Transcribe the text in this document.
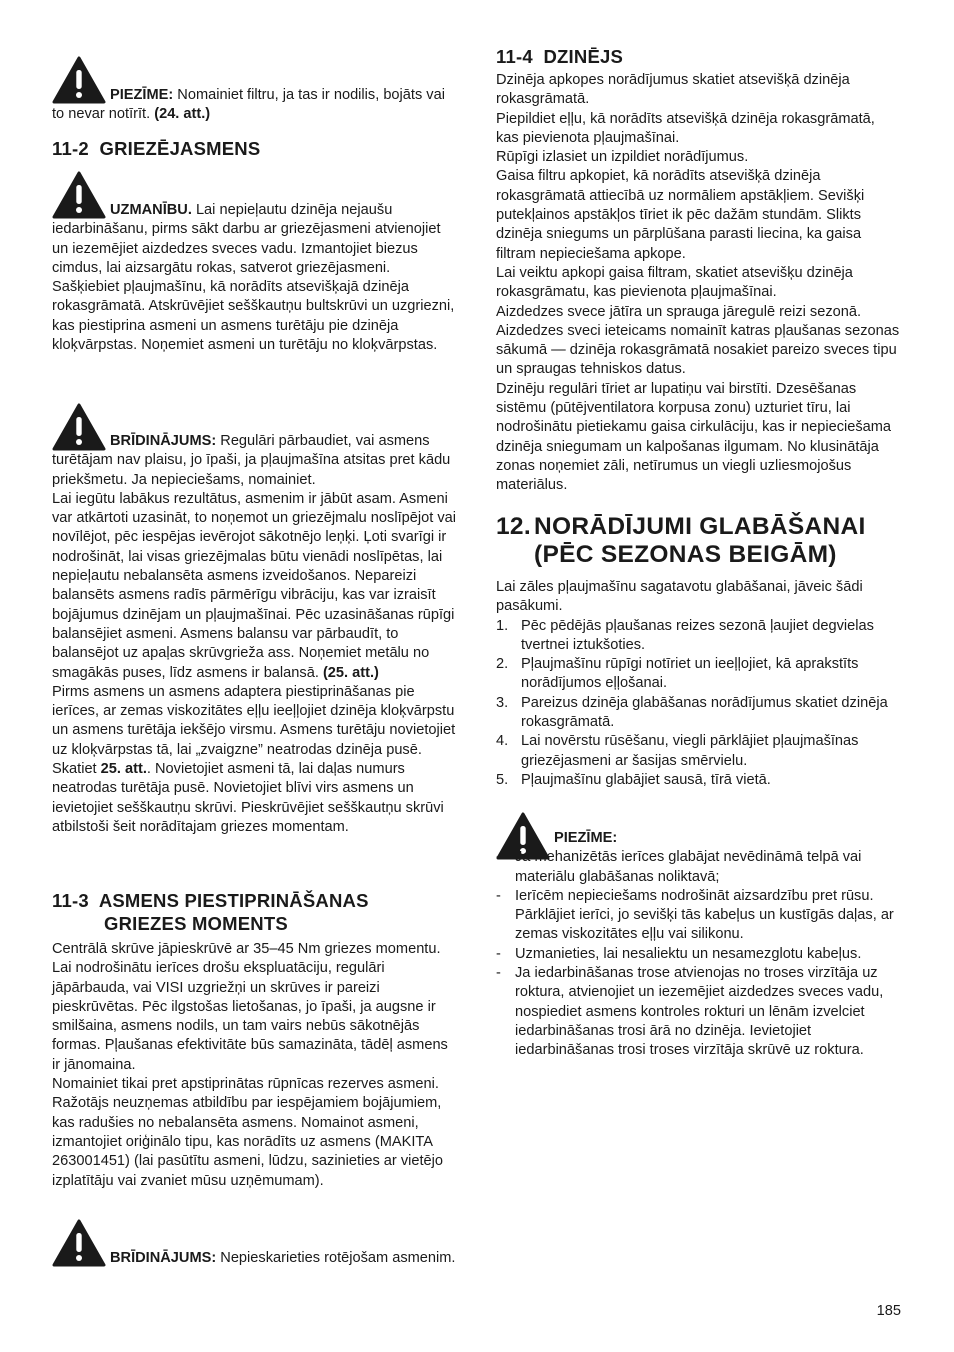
PIEZĪME: Nomainiet filtru, ja tas ir nodilis, bojāts vai to nevar notīrīt. (24. att.)

11-2 GRIEZĒJASMENS

UZMANĪBU. Lai nepieļautu dzinēja nejaušu iedarbināšanu, pirms sākt darbu ar griezējasmeni atvienojiet un iezemējiet aizdedzes sveces vadu. Izmantojiet biezus cimdus, lai aizsargātu rokas, satverot griezējasmeni.

Sašķiebiet pļaujmašīnu, kā norādīts atsevišķajā dzinēja rokasgrāmatā. Atskrūvējiet sešškautņu bultskrūvi un uzgriezni, kas piestiprina asmeni un asmens turētāju pie dzinēja kloķvārpstas. Noņemiet asmeni un turētāju no kloķvārpstas.

BRĪDINĀJUMS: Regulāri pārbaudiet, vai asmens turētājam nav plaisu, jo īpaši, ja pļaujmašīna atsitas pret kādu priekšmetu. Ja nepieciešams, nomainiet.

Lai iegūtu labākus rezultātus, asmenim ir jābūt asam. Asmeni var atkārtoti uzasināt, to noņemot un griezējmalu noslīpējot vai novīlējot, pēc iespējas ievērojot sākotnējo leņķi. Ļoti svarīgi ir nodrošināt, lai visas griezējmalas būtu vienādi noslīpētas, lai nepieļautu nebalansēta asmens izveidošanos. Nepareizi balansēts asmens radīs pārmērīgu vibrāciju, kas var izraisīt bojājumus dzinējam un pļaujmašīnai. Pēc uzasināšanas rūpīgi balansējiet asmeni. Asmens balansu var pārbaudīt, to balansējot uz apaļas skrūvgrieža ass. Noņemiet metālu no smagākās puses, līdz asmens ir balansā. (25. att.)

Pirms asmens un asmens adaptera piestiprināšanas pie ierīces, ar zemas viskozitātes eļļu ieeļļojiet dzinēja kloķvārpstu un asmens turētāja iekšējo virsmu. Asmens turētāju novietojiet uz kloķvārpstas tā, lai „zvaigzne” neatrodas dzinēja pusē. Skatiet 25. att.. Novietojiet asmeni tā, lai daļas numurs neatrodas turētāja pusē. Novietojiet blīvi virs asmens un ievietojiet sešškautņu skrūvi. Pieskrūvējiet sešškautņu skrūvi atbilstoši šeit norādītajam griezes momentam.

11-3 ASMENS PIESTIPRINĀŠANAS
GRIEZES MOMENTS

Centrālā skrūve jāpieskrūvē ar 35–45 Nm griezes momentu. Lai nodrošinātu ierīces drošu ekspluatāciju, regulāri jāpārbauda, vai VISI uzgriežņi un skrūves ir pareizi pieskrūvētas. Pēc ilgstošas lietošanas, jo īpaši, ja augsne ir smilšaina, asmens nodils, un tam vairs nebūs sākotnējās formas. Pļaušanas efektivitāte būs samazināta, tādēļ asmens ir jānomaina.

Nomainiet tikai pret apstiprinātas rūpnīcas rezerves asmeni. Ražotājs neuzņemas atbildību par iespējamiem bojājumiem, kas radušies no nebalansēta asmens. Nomainot asmeni, izmantojiet oriģinālo tipu, kas norādīts uz asmens (MAKITA 263001451) (lai pasūtītu asmeni, lūdzu, sazinieties ar vietējo izplatītāju vai zvaniet mūsu uzņēmumam).

BRĪDINĀJUMS: Nepieskarieties rotējošam asmenim.

11-4 DZINĒJS

Dzinēja apkopes norādījumus skatiet atsevišķā dzinēja rokasgrāmatā.
Piepildiet eļļu, kā norādīts atsevišķā dzinēja rokasgrāmatā, kas pievienota pļaujmašīnai.
Rūpīgi izlasiet un izpildiet norādījumus.
Gaisa filtru apkopiet, kā norādīts atsevišķā dzinēja rokasgrāmatā attiecībā uz normāliem apstākļiem. Sevišķi putekļainos apstākļos tīriet ik pēc dažām stundām. Slikts dzinēja sniegums un pārplūšana parasti liecina, ka gaisa filtram nepieciešama apkope.
Lai veiktu apkopi gaisa filtram, skatiet atsevišķu dzinēja rokasgrāmatu, kas pievienota pļaujmašīnai.
Aizdedzes svece jātīra un sprauga jāregulē reizi sezonā.
Aizdedzes sveci ieteicams nomainīt katras pļaušanas sezonas sākumā — dzinēja rokasgrāmatā nosakiet pareizo sveces tipu un spraugas tehniskos datus.
Dzinēju regulāri tīriet ar lupatiņu vai birstīti. Dzesēšanas sistēmu (pūtējventilatora korpusa zonu) uzturiet tīru, lai nodrošinātu pietiekamu gaisa cirkulāciju, kas ir nepieciešama dzinēja sniegumam un kalpošanas ilgumam. No klusinātāja zonas noņemiet zāli, netīrumus un viegli uzliesmojošus materiālus.

12. NORĀDĪJUMI GLABĀŠANAI
(PĒC SEZONAS BEIGĀM)

Lai zāles pļaujmašīnu sagatavotu glabāšanai, jāveic šādi pasākumi.

1. Pēc pēdējās pļaušanas reizes sezonā ļaujiet degvielas tvertnei iztukšoties.
2. Pļaujmašīnu rūpīgi notīriet un ieeļļojiet, kā aprakstīts norādījumos eļļošanai.
3. Pareizus dzinēja glabāšanas norādījumus skatiet dzinēja rokasgrāmatā.
4. Lai novērstu rūsēšanu, viegli pārklājiet pļaujmašīnas griezējasmeni ar šasijas smērvielu.
5. Pļaujmašīnu glabājiet sausā, tīrā vietā.

PIEZĪME:

- Ja mehanizētās ierīces glabājat nevēdināmā telpā vai materiālu glabāšanas noliktavā;
- Ierīcēm nepieciešams nodrošināt aizsardzību pret rūsu. Pārklājiet ierīci, jo sevišķi tās kabeļus un kustīgās daļas, ar zemas viskozitātes eļļu vai silikonu.
- Uzmanieties, lai nesaliektu un nesamezglotu kabeļus.
- Ja iedarbināšanas trose atvienojas no troses virzītāja uz roktura, atvienojiet un iezemējiet aizdedzes sveces vadu, nospiediet asmens kontroles rokturi un lēnām izvelciet iedarbināšanas trosi ārā no dzinēja. Ievietojiet iedarbināšanas trosi troses virzītāja skrūvē uz roktura.
185
